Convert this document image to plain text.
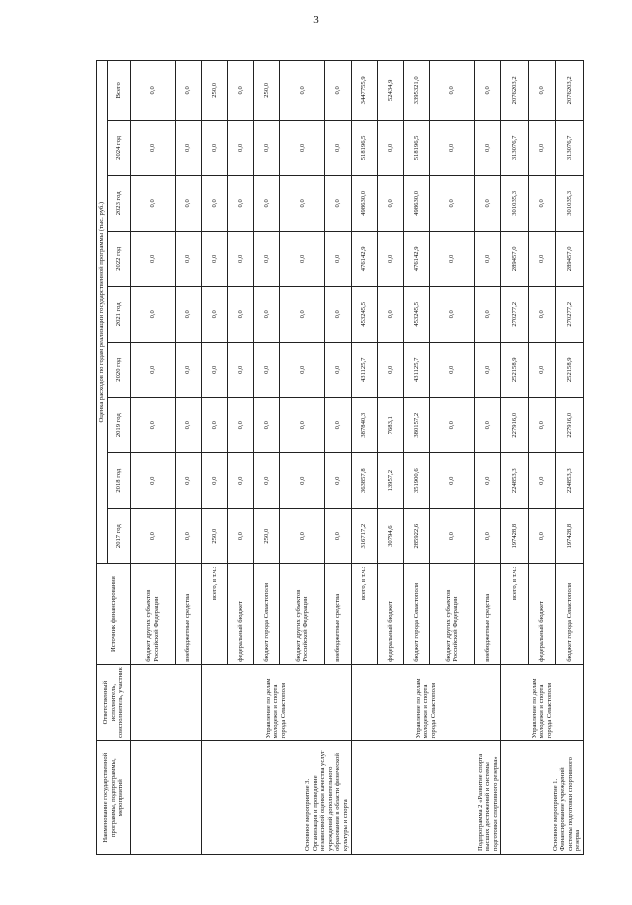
3
Наименование государственной программы, подпрограммы, мероприятий	Ответственный исполнитель, соисполнитель, участник	Источник финансирования	Оценка расходов по годам реализации государственной программы (тыс. руб.)								
			2017 год	2018 год	2019 год	2020 год	2021 год	2022 год	2023 год	2024 год	Всего
		бюджет других субъектов Российской Федерации	0,0	0,0	0,0	0,0	0,0	0,0	0,0	0,0	0,0
		внебюджетные средства	0,0	0,0	0,0	0,0	0,0	0,0	0,0	0,0	0,0
Основное мероприятие 3. Организация и проведение независимой оценки качества услуг учреждений дополнительного образования в области физической культуры и спорта	Управление по делам молодежи и спорта города Севастополя	всего, в т.ч.:	250,0	0,0	0,0	0,0	0,0	0,0	0,0	0,0	250,0
		федеральный бюджет	0,0	0,0	0,0	0,0	0,0	0,0	0,0	0,0	0,0
		бюджет города Севастополя	250,0	0,0	0,0	0,0	0,0	0,0	0,0	0,0	250,0
		бюджет других субъектов Российской Федерации	0,0	0,0	0,0	0,0	0,0	0,0	0,0	0,0	0,0
		внебюджетные средства	0,0	0,0	0,0	0,0	0,0	0,0	0,0	0,0	0,0
Подпрограмма 2 «Развитие спорта высших достижений и системы подготовки спортивного резерва»	Управление по делам молодежи и спорта города Севастополя	всего, в т.ч.:	316717,2	363857,8	387840,3	431125,7	453245,5	476142,9	498630,0	518196,5	3447755,9
		федеральный бюджет	30794,6	13957,2	7683,1	0,0	0,0	0,0	0,0	0,0	52434,9
		бюджет города Севастополя	285922,6	351900,6	380157,2	431125,7	453245,5	476142,9	498630,0	518196,5	3395321,0
		бюджет других субъектов Российской Федерации	0,0	0,0	0,0	0,0	0,0	0,0	0,0	0,0	0,0
		внебюджетные средства	0,0	0,0	0,0	0,0	0,0	0,0	0,0	0,0	0,0
Основное мероприятие 1. Финансирование учреждений системы подготовки спортивного резерва	Управление по делам молодежи и спорта города Севастополя	всего, в т.ч.:	197428,8	224853,3	227916,0	252158,9	270277,2	289457,0	301035,3	313076,7	2076203,2
		федеральный бюджет	0,0	0,0	0,0	0,0	0,0	0,0	0,0	0,0	0,0
		бюджет города Севастополя	197428,8	224853,3	227916,0	252158,9	270277,2	289457,0	301035,3	313076,7	2076203,2
